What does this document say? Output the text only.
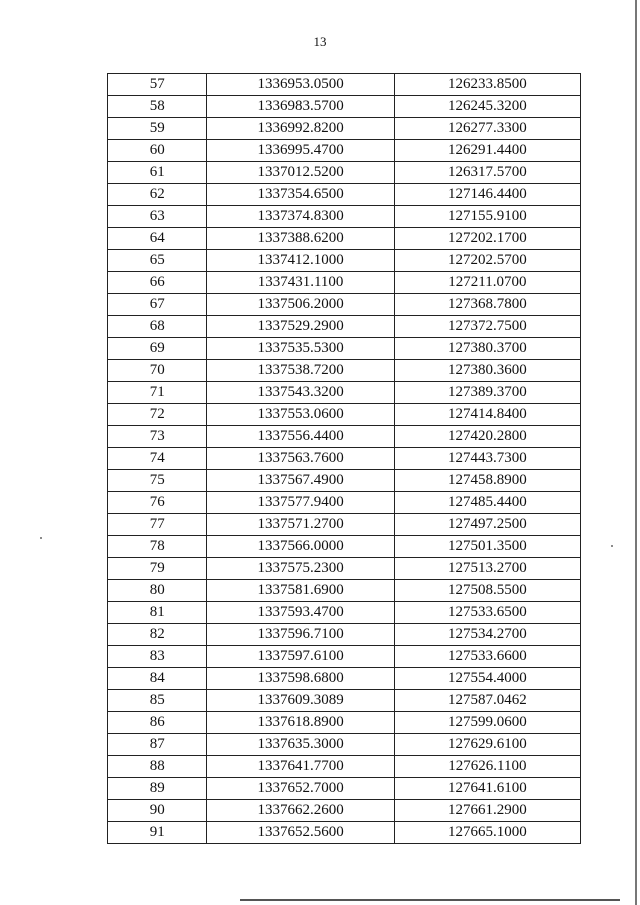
13
57	1336953.0500	126233.8500
58	1336983.5700	126245.3200
59	1336992.8200	126277.3300
60	1336995.4700	126291.4400
61	1337012.5200	126317.5700
62	1337354.6500	127146.4400
63	1337374.8300	127155.9100
64	1337388.6200	127202.1700
65	1337412.1000	127202.5700
66	1337431.1100	127211.0700
67	1337506.2000	127368.7800
68	1337529.2900	127372.7500
69	1337535.5300	127380.3700
70	1337538.7200	127380.3600
71	1337543.3200	127389.3700
72	1337553.0600	127414.8400
73	1337556.4400	127420.2800
74	1337563.7600	127443.7300
75	1337567.4900	127458.8900
76	1337577.9400	127485.4400
77	1337571.2700	127497.2500
78	1337566.0000	127501.3500
79	1337575.2300	127513.2700
80	1337581.6900	127508.5500
81	1337593.4700	127533.6500
82	1337596.7100	127534.2700
83	1337597.6100	127533.6600
84	1337598.6800	127554.4000
85	1337609.3089	127587.0462
86	1337618.8900	127599.0600
87	1337635.3000	127629.6100
88	1337641.7700	127626.1100
89	1337652.7000	127641.6100
90	1337662.2600	127661.2900
91	1337652.5600	127665.1000
